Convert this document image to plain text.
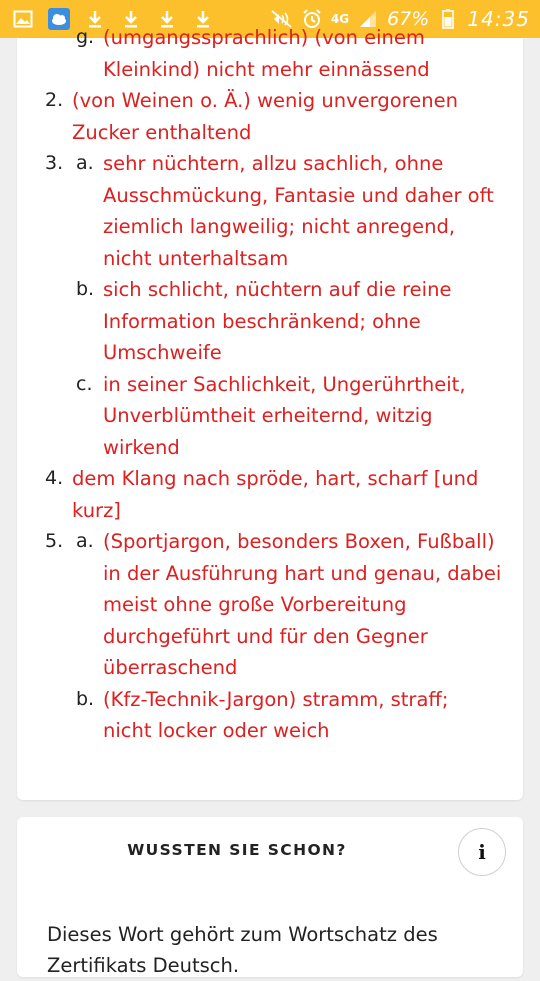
4G 67% 14:35
g. (umgangssprachlich) (von einem Kleinkind) nicht mehr einnässend
2. (von Weinen o. Ä.) wenig unvergorenen Zucker enthaltend
3. a. sehr nüchtern, allzu sachlich, ohne Ausschmückung, Fantasie und daher oft ziemlich langweilig; nicht anregend, nicht unterhaltsam
b. sich schlicht, nüchtern auf die reine Information beschränkend; ohne Umschweife
c. in seiner Sachlichkeit, Ungerührtheit, Unverblümtheit erheiternd, witzig wirkend
4. dem Klang nach spröde, hart, scharf [und kurz]
5. a. (Sportjargon, besonders Boxen, Fußball) in der Ausführung hart und genau, dabei meist ohne große Vorbereitung durchgeführt und für den Gegner überraschend
b. (Kfz-Technik-Jargon) stramm, straff; nicht locker oder weich
WUSSTEN SIE SCHON?	i
Dieses Wort gehört zum Wortschatz des Zertifikats Deutsch.
